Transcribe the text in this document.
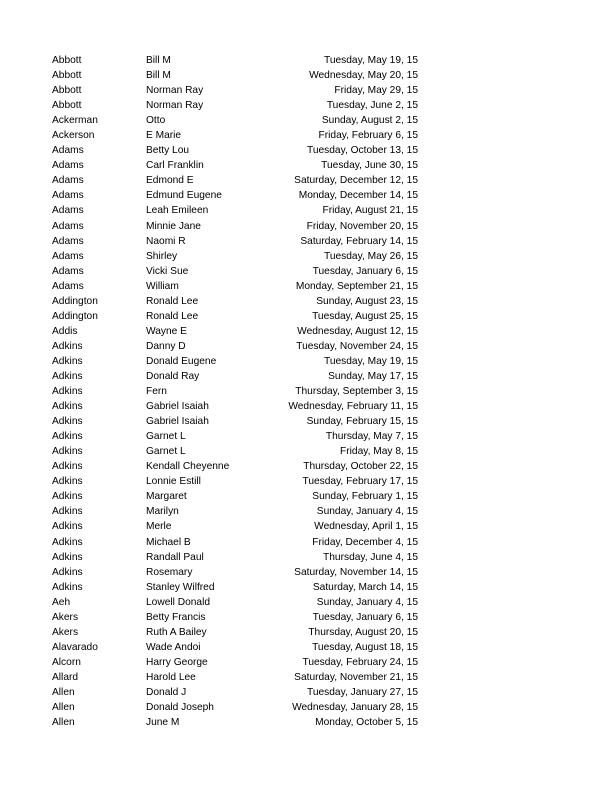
Abbott	Bill M	Tuesday, May 19, 15
Abbott	Bill M	Wednesday, May 20, 15
Abbott	Norman Ray	Friday, May 29, 15
Abbott	Norman Ray	Tuesday, June 2, 15
Ackerman	Otto	Sunday, August 2, 15
Ackerson	E Marie	Friday, February 6, 15
Adams	Betty Lou	Tuesday, October 13, 15
Adams	Carl Franklin	Tuesday, June 30, 15
Adams	Edmond E	Saturday, December 12, 15
Adams	Edmund Eugene	Monday, December 14, 15
Adams	Leah Emileen	Friday, August 21, 15
Adams	Minnie Jane	Friday, November 20, 15
Adams	Naomi R	Saturday, February 14, 15
Adams	Shirley	Tuesday, May 26, 15
Adams	Vicki Sue	Tuesday, January 6, 15
Adams	William	Monday, September 21, 15
Addington	Ronald Lee	Sunday, August 23, 15
Addington	Ronald Lee	Tuesday, August 25, 15
Addis	Wayne E	Wednesday, August 12, 15
Adkins	Danny D	Tuesday, November 24, 15
Adkins	Donald Eugene	Tuesday, May 19, 15
Adkins	Donald Ray	Sunday, May 17, 15
Adkins	Fern	Thursday, September 3, 15
Adkins	Gabriel Isaiah	Wednesday, February 11, 15
Adkins	Gabriel Isaiah	Sunday, February 15, 15
Adkins	Garnet L	Thursday, May 7, 15
Adkins	Garnet L	Friday, May 8, 15
Adkins	Kendall Cheyenne	Thursday, October 22, 15
Adkins	Lonnie Estill	Tuesday, February 17, 15
Adkins	Margaret	Sunday, February 1, 15
Adkins	Marilyn	Sunday, January 4, 15
Adkins	Merle	Wednesday, April 1, 15
Adkins	Michael B	Friday, December 4, 15
Adkins	Randall Paul	Thursday, June 4, 15
Adkins	Rosemary	Saturday, November 14, 15
Adkins	Stanley Wilfred	Saturday, March 14, 15
Aeh	Lowell Donald	Sunday, January 4, 15
Akers	Betty Francis	Tuesday, January 6, 15
Akers	Ruth A Bailey	Thursday, August 20, 15
Alavarado	Wade Andoi	Tuesday, August 18, 15
Alcorn	Harry George	Tuesday, February 24, 15
Allard	Harold Lee	Saturday, November 21, 15
Allen	Donald J	Tuesday, January 27, 15
Allen	Donald Joseph	Wednesday, January 28, 15
Allen	June M	Monday, October 5, 15
